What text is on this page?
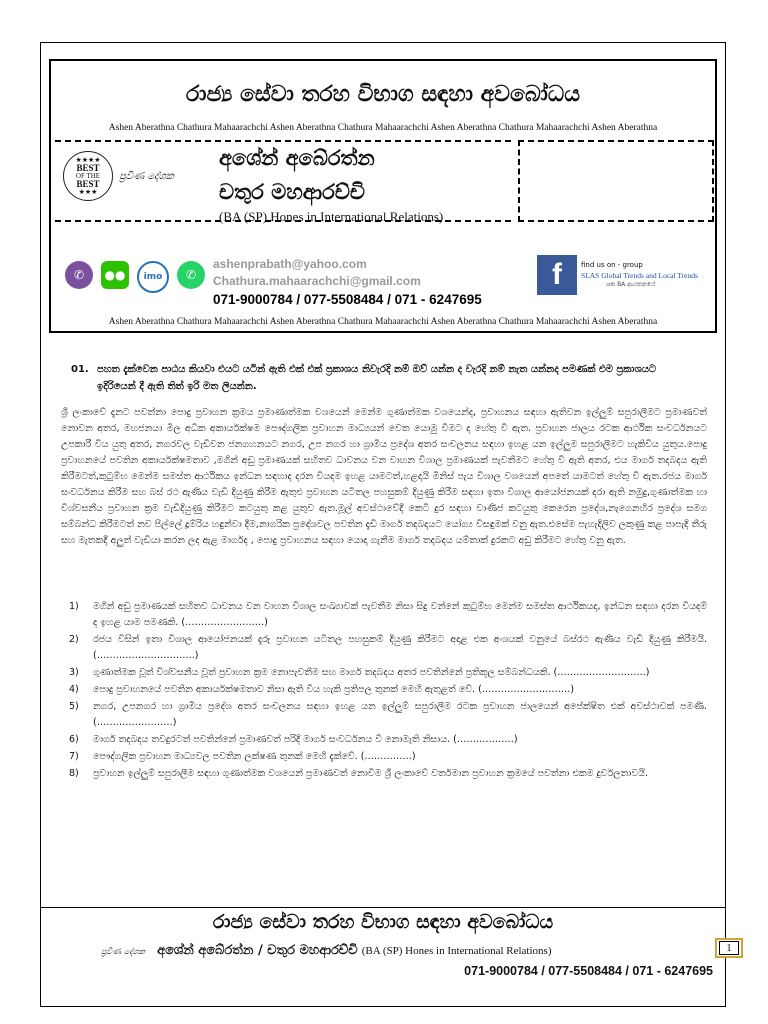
රාජ්‍ය සේවා තරහ විභාග සඳහා අවබෝධය
Ashen Aberathna Chathura Mahaarachchi Ashen Aberathna Chathura Mahaarachchi Ashen Aberathna Chathura Mahaarachchi Ashen Aberathna
★★★★
BEST
OF THE
BEST
★★★
ප්‍රවීණ දේශක
අශේන් අබේරත්න
චතුර මහආරච්චි
(BA (SP) Hones in International Relations)
✆	●●	imo	✆
ashenprabath@yahoo.com
Chathura.mahaarachchi@gmail.com
071-9000784 / 077-5508484 / 071 - 6247695
f	find us on - group
SLAS Global Trends and Local Trends
ශක BA ආයතනයේ
Ashen Aberathna Chathura Mahaarachchi Ashen Aberathna Chathura Mahaarachchi Ashen Aberathna Chathura Mahaarachchi Ashen Aberathna
01. පහත දැක්වෙන පාඨය කියවා එයට යටින් ඇති එක් එක් ප්‍රකාශය නිවැරදි නම් ඔව් යන්න ද වැරදි නම් නැත යන්නද පමණක් එම ප්‍රකාශයට ඉදිරියෙන් දී ඇති තිත් ඉරි මත ලියන්න.
ශ්‍රී ලංකාවේ දැනට පවත්නා පොදු ප්‍රවාහන ක්‍රමය ප්‍රමාණාත්මක වශයෙන් මෙන්ම ගුණාත්මක වශයෙන්ද, ප්‍රවාහනය සඳහා ඇතිවන ඉල්ලුම් සපුරාලීමට ප්‍රමාණවත් නොවන අතර, මහජනයා මිල අධික අකාර්යක්ෂම පෞද්ගලික ප්‍රවාහන මාධ්‍යයන් වෙත යොමු වීමට ද හේතු වී ඇත. ප්‍රවාහන ජාලය රටක ආර්ථික සංවර්ධනයට උපකාරී විය යුතු අතර, නගරවල වැඩිවන ජනගහනයට නගර, උප නගර හා ග්‍රාමීය ප්‍රදේශ අතර සංචලනය සඳහා ඉහළ යන ඉල්ලුම සපුරාලීමට හැකිවිය යුතුය.පොදු ප්‍රවාහනයේ පවතින අකාර්යක්ෂමතාව ,මගින් අඩු ප්‍රමාණයක් සහිතව ධාවනය වන වාහන විශාල ප්‍රමාණයක් පැවතීමට හේතු වී ඇති අතර, එය මාර්ග තදබදය ඇති කිරීමටත්,කුටුම්භ මෙන්ම සමස්ත ආර්ථිකය ඉන්ධන සඳහාද දරන වියදම ඉහළ යාමටත්,හළදායි මිනිස් පැය විශාල වශයෙන් අපතේ යාමටත් හේතු වී ඇත.රජය මාර්ග සංවර්ධනය කිරීම සහ බස් රථ ඇණිය වැඩි දියුණු කිරීම ඇතුළු ප්‍රවාහන යටිතල පහසුකම් දියුණු කිරීම සඳහා ඉතා විශාල ආයෝජනයක් දරා ඇති නමුදු,ගුණාත්මක හා විශ්වසනීය ප්‍රවාහන ක්‍රම වැඩිදියුණු කිරීමට කටයුතු කළ යුතුව ඇත.මූල් අවස්ථාවේදී කෙටි දුර සඳහා වාණිජ කටයුතු කෙරෙන ප්‍රදේශ,නැගෙනහිර ප්‍රදේශ සමග සම්බන්ධ කිරීමටත් නව පිල්ලේ දූම්රිය හඳුන්වා දීම,නාගරික ප්‍රදේශවල පවතින දැඩි මාර්ග තදබදයට යෝග්‍ය විසඳුමක් වනු ඇත.එසේම පැහැදිලිව ලකුණු කළ පාපැදි තීරු සහ මැතකදී අලුත් වැඩියා කරන ලද ඇළ මාර්ගද , පොදු ප්‍රවාහනය සඳහා යොදා ගැනීම මාර්ග තදබදය යම්තාක් දුරකට අඩු කිරීමට හේතු වනු ඇත.
1) මගින් අඩු ප්‍රමාණයක් සහිතව ධාවනය වන වාහන විශාල සංඛ්‍යාවක් පැවතීම නිසා සිදු වන්නේ කුටුම්භ මෙන්ම සමස්ත ආර්ථිකයද, ඉන්ධන සඳහා දරන වියදම් ද ඉහළ යාම පමණකි. (…………………….)
2) රජය විසින් ඉතා විශාල ආයෝජනයක් දැරූ ප්‍රවාහන යටිතල පහසුකම් දියුණු කිරීමට අදාළ එක අංශයක් වනුයේ බස්රථ ඇණිය වැඩි දියුණු කිරීමයි. (………………………….)
3) ගුණාත්මක වූත් විශ්වසනීය වූත් ප්‍රවාහන ක්‍රම නොපැවතීම සහ මාර්ග තදබදය අතර පවතින්නේ ප්‍රතිකූල සම්බන්ධයකි. (……………………….)
4) පොදු ප්‍රවාහනයේ පවතින අකාර්යක්ෂමතාව නිසා ඇති විය හැකි ප්‍රතිපල තුනක් මෙහි ඇතුළත් වේ. (……………………….)
5) නගර, උපනගර හා ග්‍රාමීය ප්‍රදේශ අතර සංචලනය සඳහා ඉහළ යන ඉල්ලුම් සපුරාලීම රටක ප්‍රවාහන ජාලයෙන් අපේක්ෂිත එක් අවස්ථාවක් පමණි. (……………………)
6) මාර්ග තදබදය තවදුරටත් පවතින්නේ ප්‍රමාණවත් පරිදි මාර්ග සංවර්ධනය වී නොමැති නිසාය. (………………)
7) පෞද්ගලික ප්‍රවාහන මාධ්‍යවල පවතින ලක්ෂණ තුනක් මෙහි දැක්වේ. (……………)
8) ප්‍රවාහන ඉල්ලුම් සපුරාලීම සඳහා ගුණාත්මක වශයෙන් ප්‍රමාණවත් නොවීම ශ්‍රී ලංකාවේ වර්තමාන ප්‍රවාහන ක්‍රමයේ පවත්නා එකම දුර්වලතාවයි.
රාජ්‍ය සේවා තරහ විභාග සඳහා අවබෝධය
ප්‍රවීණ දේශක අශේන් අබේරත්න / චතුර මහආරච්චි (BA (SP) Hones in International Relations)
071-9000784 / 077-5508484 / 071 - 6247695
1
